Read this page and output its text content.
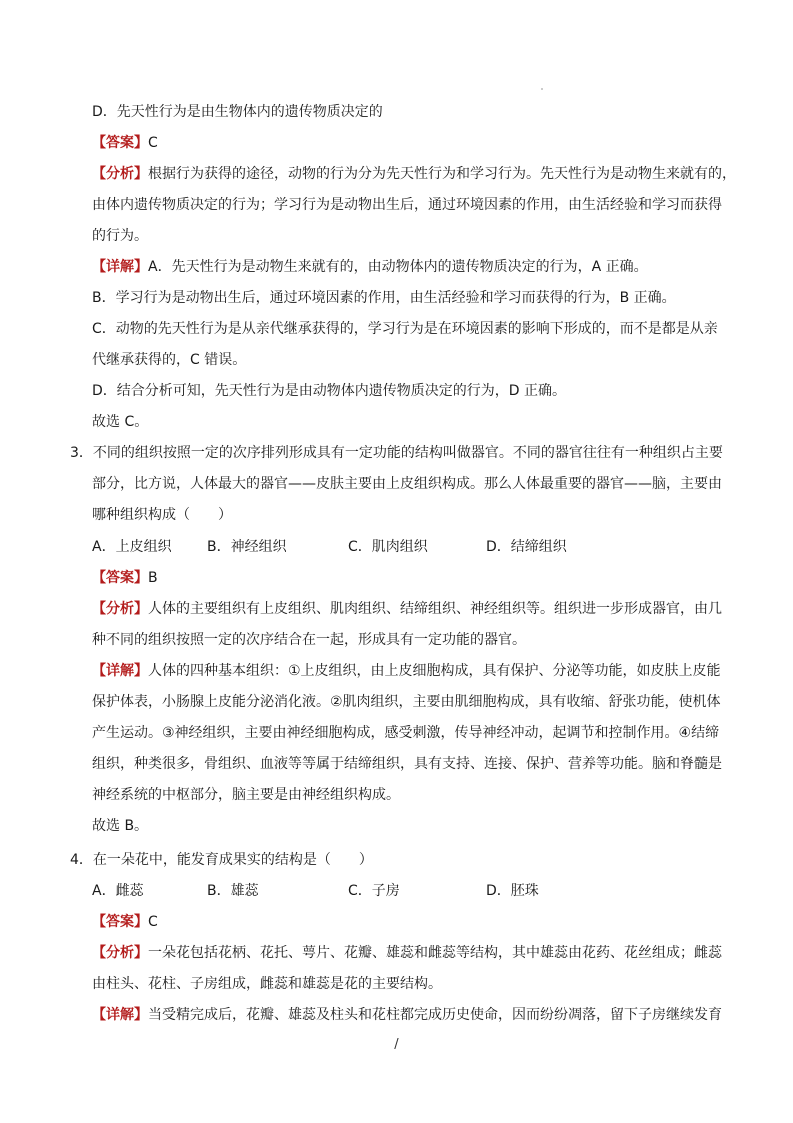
D．先天性行为是由生物体内的遗传物质决定的
【答案】C
【分析】根据行为获得的途径，动物的行为分为先天性行为和学习行为。先天性行为是动物生来就有的，
由体内遗传物质决定的行为；学习行为是动物出生后，通过环境因素的作用，由生活经验和学习而获得
的行为。
【详解】A．先天性行为是动物生来就有的，由动物体内的遗传物质决定的行为，A 正确。
B．学习行为是动物出生后，通过环境因素的作用，由生活经验和学习而获得的行为，B 正确。
C．动物的先天性行为是从亲代继承获得的，学习行为是在环境因素的影响下形成的，而不是都是从亲
代继承获得的，C 错误。
D．结合分析可知，先天性行为是由动物体内遗传物质决定的行为，D 正确。
故选 C。
3．不同的组织按照一定的次序排列形成具有一定功能的结构叫做器官。不同的器官往往有一种组织占主要
部分，比方说，人体最大的器官——皮肤主要由上皮组织构成。那么人体最重要的器官——脑，主要由
哪种组织构成（　　）
A．上皮组织	B．神经组织	C．肌肉组织	D．结缔组织
【答案】B
【分析】人体的主要组织有上皮组织、肌肉组织、结缔组织、神经组织等。组织进一步形成器官，由几
种不同的组织按照一定的次序结合在一起，形成具有一定功能的器官。
【详解】人体的四种基本组织：①上皮组织，由上皮细胞构成，具有保护、分泌等功能，如皮肤上皮能
保护体表，小肠腺上皮能分泌消化液。②肌肉组织，主要由肌细胞构成，具有收缩、舒张功能，使机体
产生运动。③神经组织，主要由神经细胞构成，感受刺激，传导神经冲动，起调节和控制作用。④结缔
组织，种类很多，骨组织、血液等等属于结缔组织，具有支持、连接、保护、营养等功能。脑和脊髓是
神经系统的中枢部分，脑主要是由神经组织构成。
故选 B。
4．在一朵花中，能发育成果实的结构是（　　）
A．雌蕊	B．雄蕊	C．子房	D．胚珠
【答案】C
【分析】一朵花包括花柄、花托、萼片、花瓣、雄蕊和雌蕊等结构，其中雄蕊由花药、花丝组成；雌蕊
由柱头、花柱、子房组成，雌蕊和雄蕊是花的主要结构。
【详解】当受精完成后，花瓣、雄蕊及柱头和花柱都完成历史使命，因而纷纷凋落，留下子房继续发育
/
